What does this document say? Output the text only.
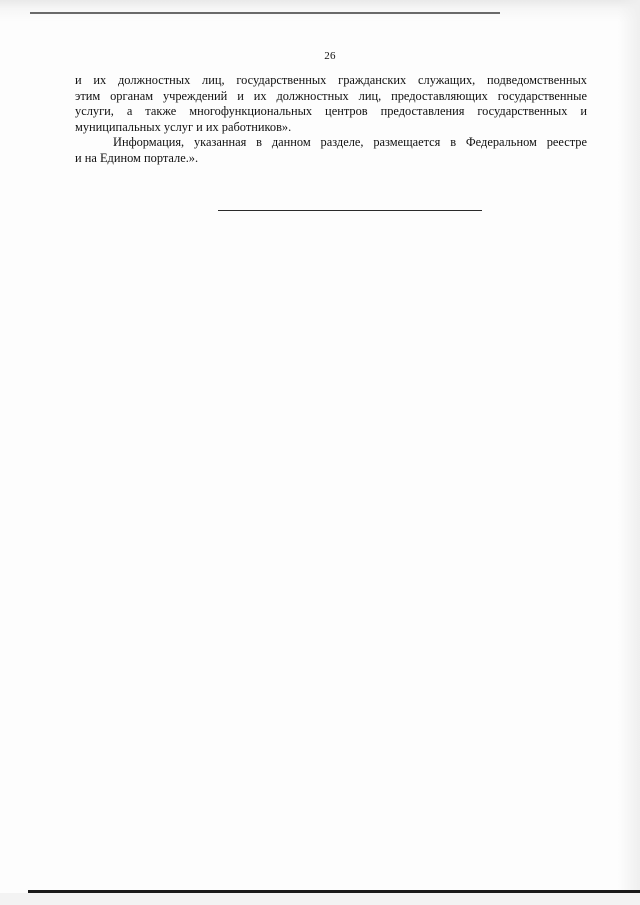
26

и их должностных лиц, государственных гражданских служащих, подведомственных
этим органам учреждений и их должностных лиц, предоставляющих государственные
услуги, а также многофункциональных центров предоставления государственных и
муниципальных услуг и их работников».

Информация, указанная в данном разделе, размещается в Федеральном реестре
и на Едином портале.».
